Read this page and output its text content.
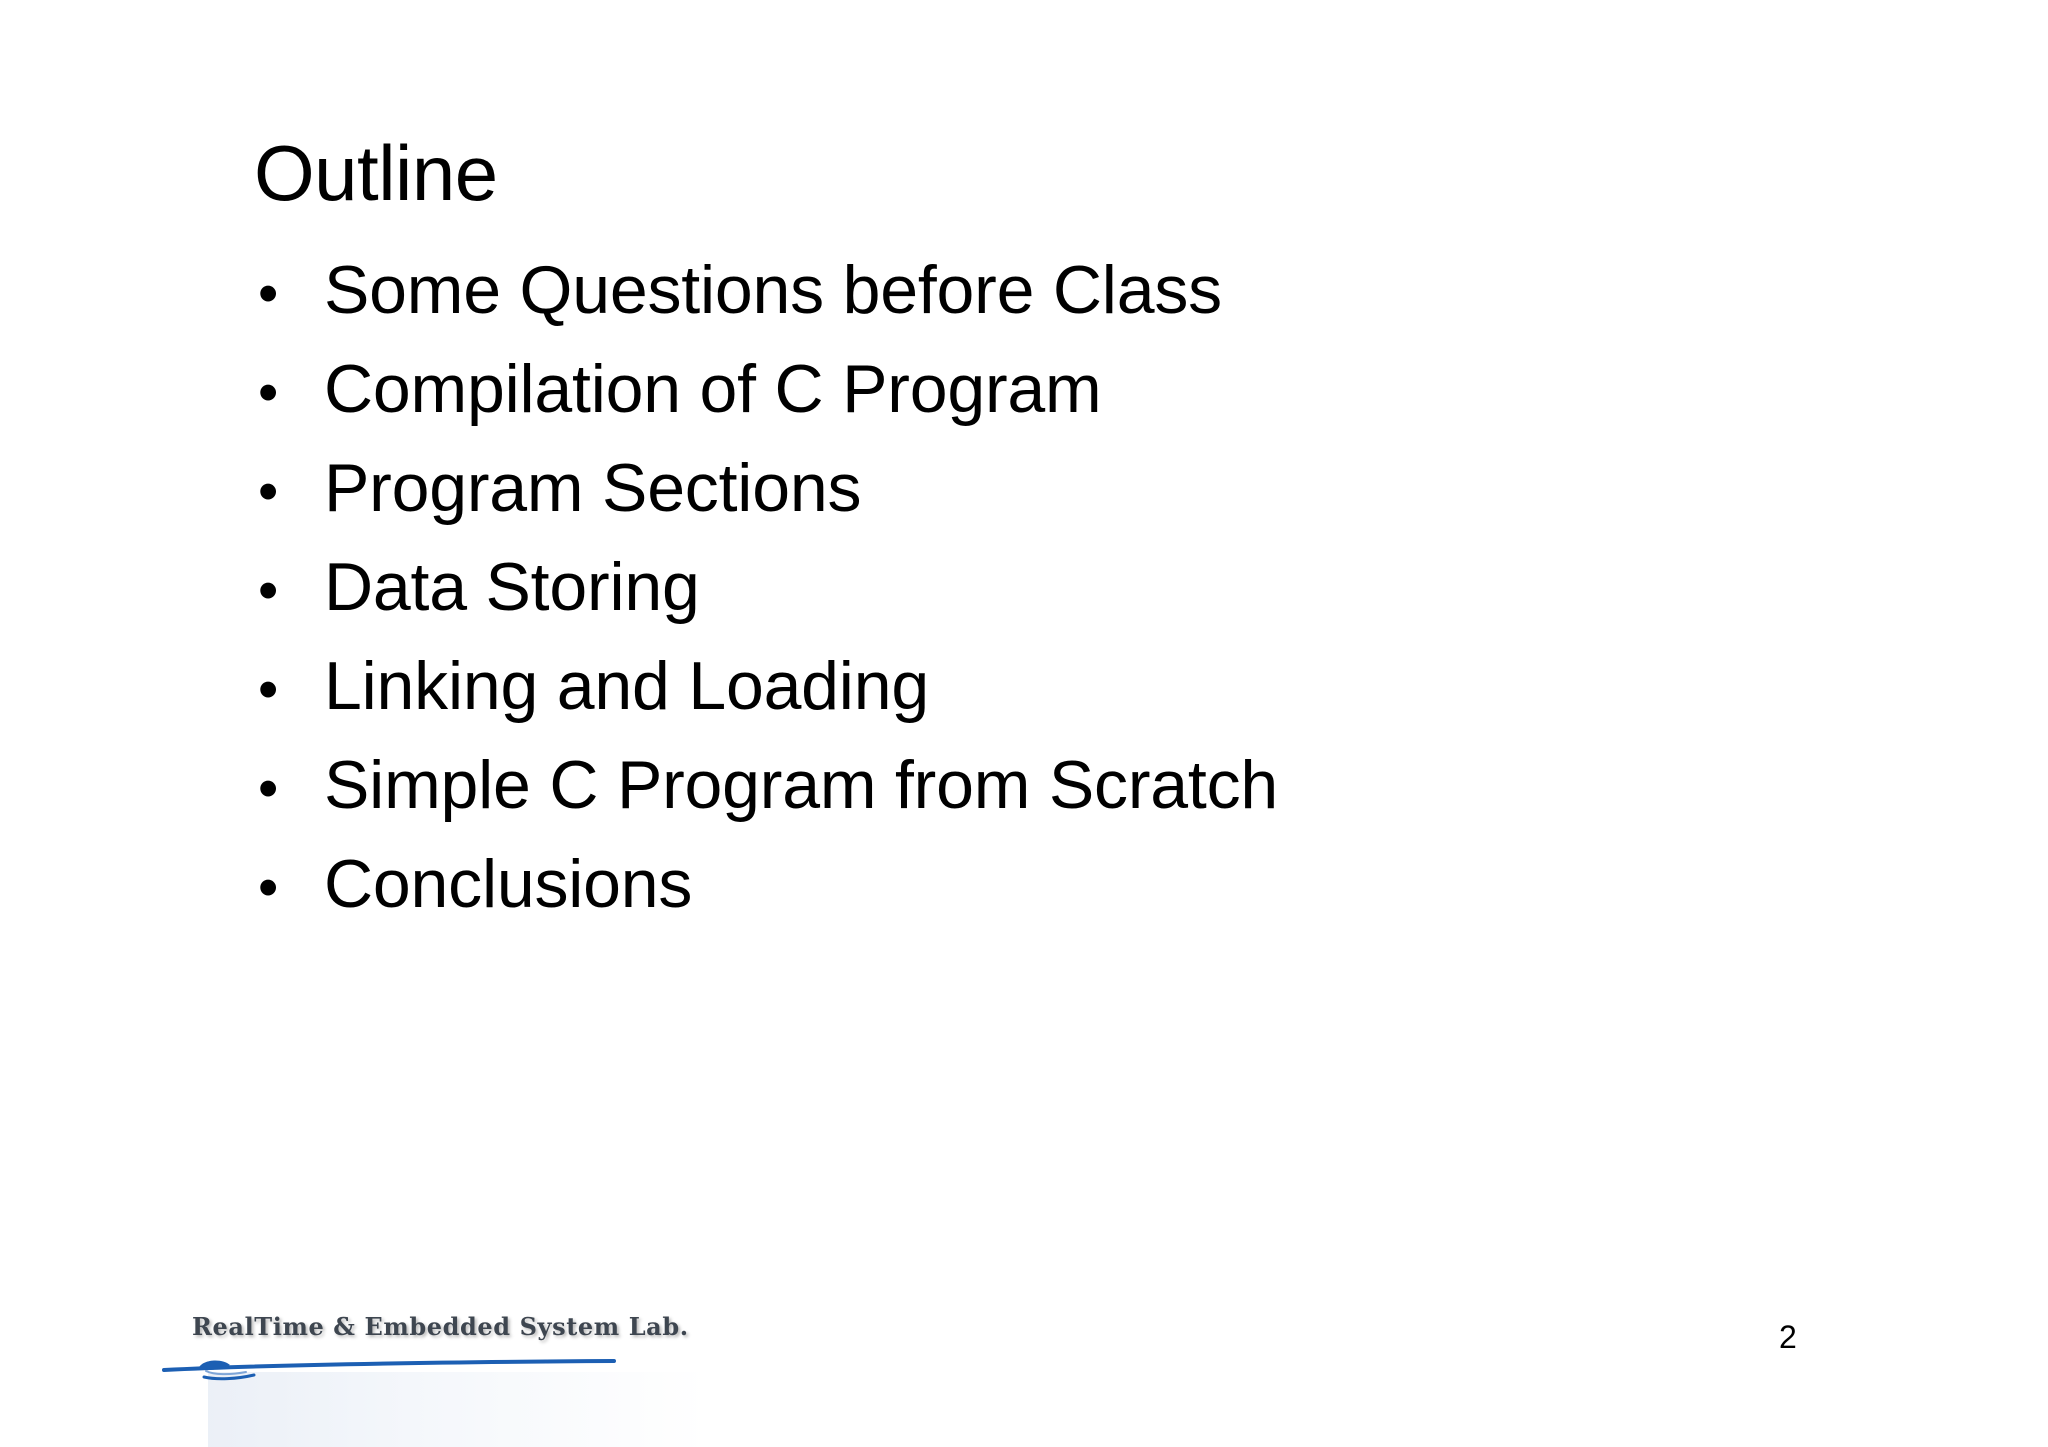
Outline
• Some Questions before Class
• Compilation of C Program
• Program Sections
• Data Storing
• Linking and Loading
• Simple C Program from Scratch
• Conclusions
RealTime & Embedded System Lab.	2
